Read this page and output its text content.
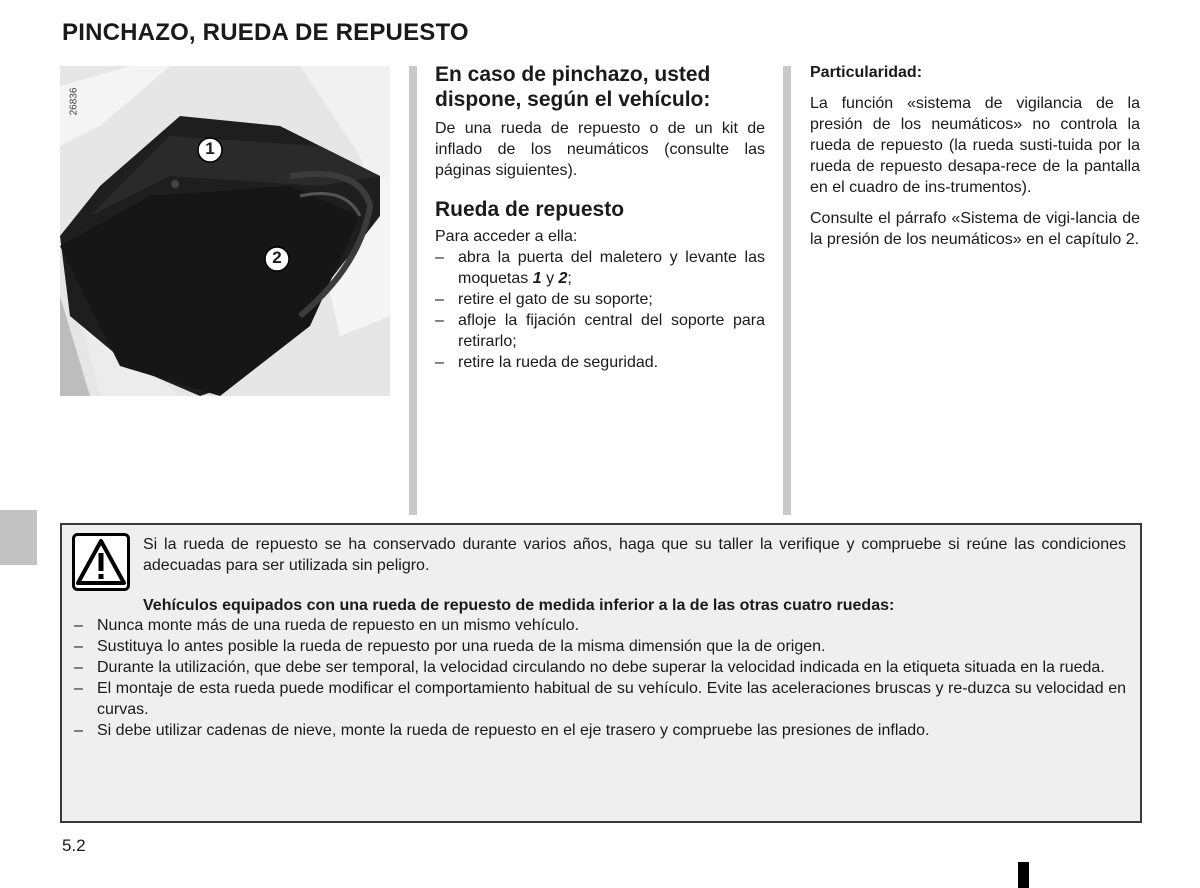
PINCHAZO, RUEDA DE REPUESTO
1
2
26836
En caso de pinchazo, usted dispone, según el vehículo:

De una rueda de repuesto o de un kit de inflado de los neumáticos (consulte las páginas siguientes).

Rueda de repuesto

Para acceder a ella:

– abra la puerta del maletero y levante las moquetas 1 y 2;
– retire el gato de su soporte;
– afloje la fijación central del soporte para retirarlo;
– retire la rueda de seguridad.
Particularidad:

La función «sistema de vigilancia de la presión de los neumáticos» no controla la rueda de repuesto (la rueda susti-tuida por la rueda de repuesto desapa-rece de la pantalla en el cuadro de ins-trumentos).

Consulte el párrafo «Sistema de vigi-lancia de la presión de los neumáticos» en el capítulo 2.

Si la rueda de repuesto se ha conservado durante varios años, haga que su taller la verifique y compruebe si reúne las condiciones adecuadas para ser utilizada sin peligro.
Vehículos equipados con una rueda de repuesto de medida inferior a la de las otras cuatro ruedas:
– Nunca monte más de una rueda de repuesto en un mismo vehículo.
– Sustituya lo antes posible la rueda de repuesto por una rueda de la misma dimensión que la de origen.
– Durante la utilización, que debe ser temporal, la velocidad circulando no debe superar la velocidad indicada en la etiqueta situada en la rueda.
– El montaje de esta rueda puede modificar el comportamiento habitual de su vehículo. Evite las aceleraciones bruscas y re-duzca su velocidad en curvas.
– Si debe utilizar cadenas de nieve, monte la rueda de repuesto en el eje trasero y compruebe las presiones de inflado.
5.2
